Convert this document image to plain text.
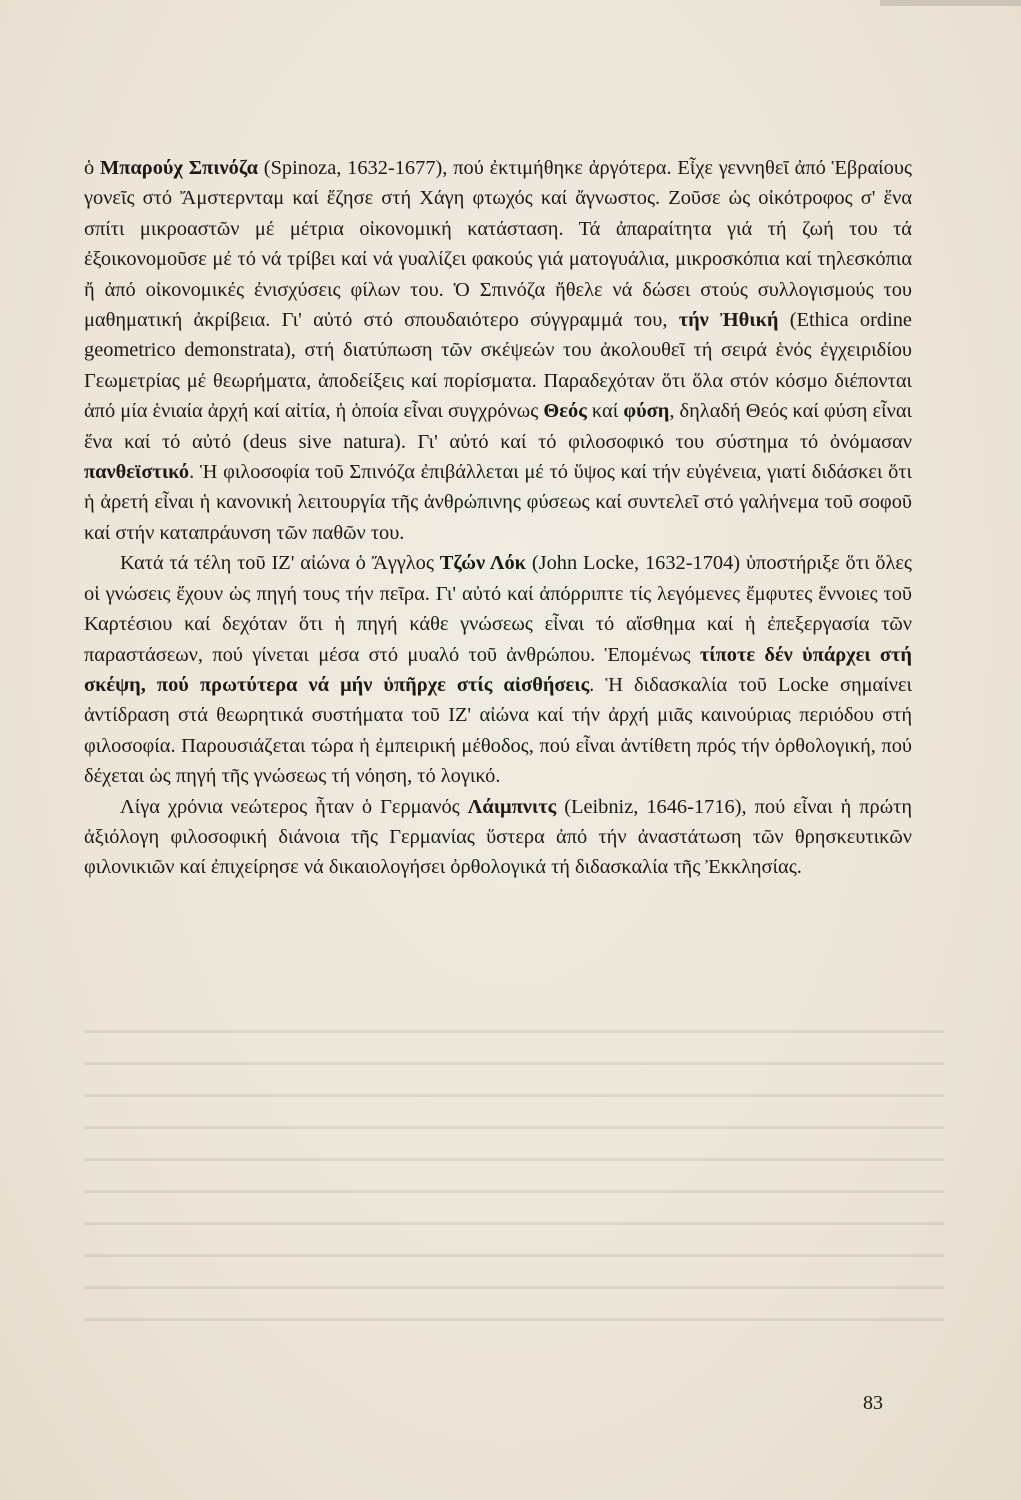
ὁ Μπαρούχ Σπινόζα (Spinoza, 1632-1677), πού ἐκτιμήθηκε ἀργότερα. Εἶχε γεννηθεῖ ἀπό Ἑβραίους γονεῖς στό Ἄμστερνταμ καί ἔζησε στή Χάγη φτωχός καί ἄγνωστος. Ζοῦσε ὡς οἰκότροφος σ' ἕνα σπίτι μικροαστῶν μέ μέτρια οἰκονομική κατάσταση. Τά ἀπαραίτητα γιά τή ζωή του τά ἐξοικονομοῦσε μέ τό νά τρίβει καί νά γυαλίζει φακούς γιά ματογυάλια, μικροσκόπια καί τηλεσκόπια ἤ ἀπό οἰκονομικές ἐνισχύσεις φίλων του. Ὁ Σπινόζα ἤθελε νά δώσει στούς συλλογισμούς του μαθηματική ἀκρίβεια. Γι' αὐτό στό σπουδαιότερο σύγγραμμά του, τήν Ἠθική (Ethica ordine geometrico demonstrata), στή διατύπωση τῶν σκέψεών του ἀκολουθεῖ τή σειρά ἑνός ἐγχειριδίου Γεωμετρίας μέ θεωρήματα, ἀποδείξεις καί πορίσματα. Παραδεχόταν ὅτι ὅλα στόν κόσμο διέπονται ἀπό μία ἑνιαία ἀρχή καί αἰτία, ἡ ὁποία εἶναι συγχρόνως Θεός καί φύση, δηλαδή Θεός καί φύση εἶναι ἕνα καί τό αὐτό (deus sive natura). Γι' αὐτό καί τό φιλοσοφικό του σύστημα τό ὀνόμασαν πανθεϊστικό. Ἡ φιλοσοφία τοῦ Σπινόζα ἐπιβάλλεται μέ τό ὕψος καί τήν εὐγένεια, γιατί διδάσκει ὅτι ἡ ἀρετή εἶναι ἡ κανονική λειτουργία τῆς ἀνθρώπινης φύσεως καί συντελεῖ στό γαλήνεμα τοῦ σοφοῦ καί στήν καταπράυνση τῶν παθῶν του.

Κατά τά τέλη τοῦ ΙΖ' αἰώνα ὁ Ἄγγλος Τζών Λόκ (John Locke, 1632-1704) ὑποστήριξε ὅτι ὅλες οἱ γνώσεις ἔχουν ὡς πηγή τους τήν πεῖρα. Γι' αὐτό καί ἀπόρριπτε τίς λεγόμενες ἔμφυτες ἔννοιες τοῦ Καρτέσιου καί δεχόταν ὅτι ἡ πηγή κάθε γνώσεως εἶναι τό αἴσθημα καί ἡ ἐπεξεργασία τῶν παραστάσεων, πού γίνεται μέσα στό μυαλό τοῦ ἀνθρώπου. Ἑπομένως τίποτε δέν ὑπάρχει στή σκέψη, πού πρωτύτερα νά μήν ὑπῆρχε στίς αἰσθήσεις. Ἡ διδασκαλία τοῦ Locke σημαίνει ἀντίδραση στά θεωρητικά συστήματα τοῦ ΙΖ' αἰώνα καί τήν ἀρχή μιᾶς καινούριας περιόδου στή φιλοσοφία. Παρουσιάζεται τώρα ἡ ἐμπειρική μέθοδος, πού εἶναι ἀντίθετη πρός τήν ὀρθολογική, πού δέχεται ὡς πηγή τῆς γνώσεως τή νόηση, τό λογικό.

Λίγα χρόνια νεώτερος ἦταν ὁ Γερμανός Λάιμπνιτς (Leibniz, 1646-1716), πού εἶναι ἡ πρώτη ἀξιόλογη φιλοσοφική διάνοια τῆς Γερμανίας ὕστερα ἀπό τήν ἀναστάτωση τῶν θρησκευτικῶν φιλονικιῶν καί ἐπιχείρησε νά δικαιολογήσει ὀρθολογικά τή διδασκαλία τῆς Ἐκκλησίας.

83
